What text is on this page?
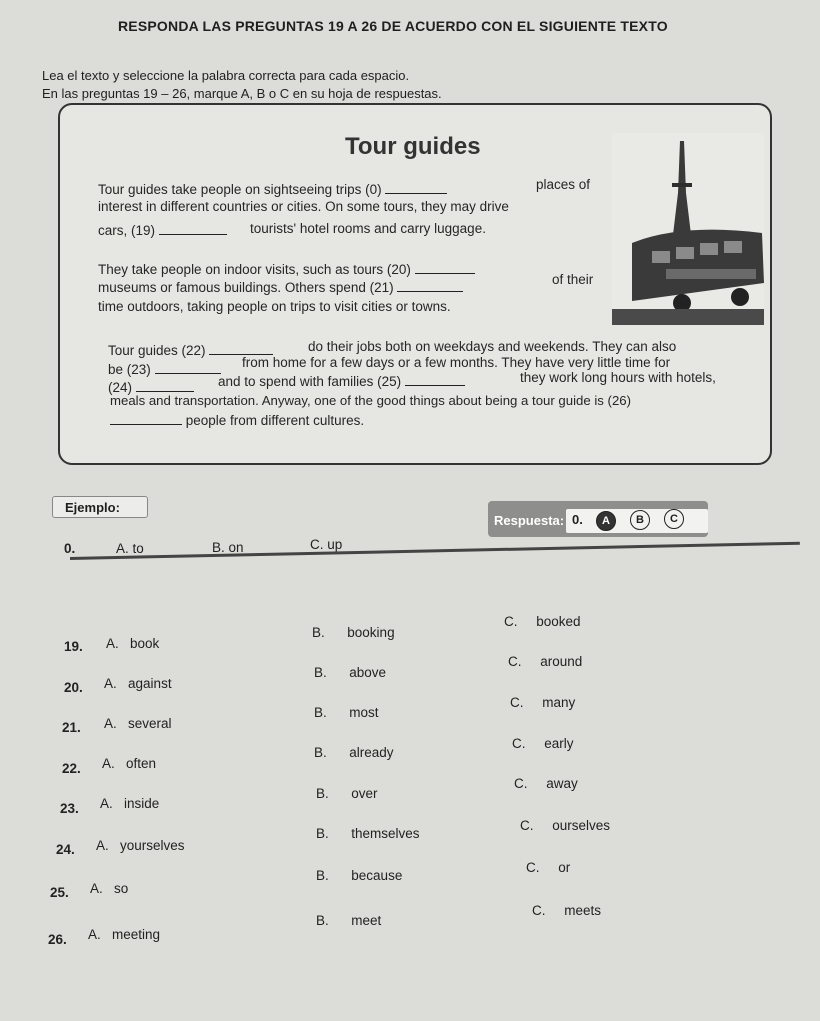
RESPONDA LAS PREGUNTAS 19 A 26 DE ACUERDO CON EL SIGUIENTE TEXTO
Lea el texto y seleccione la palabra correcta para cada espacio.
En las preguntas 19 – 26, marque A, B o C en su hoja de respuestas.
Tour guides
Tour guides take people on sightseeing trips (0)	places of
interest in different countries or cities. On some tours, they may drive
cars, (19)	tourists' hotel rooms and carry luggage.
They take people on indoor visits, such as tours (20)
museums or famous buildings. Others spend (21)
of their
time outdoors, taking people on trips to visit cities or towns.
Tour guides (22)	do their jobs both on weekdays and weekends. They can also
be (23)	from home for a few days or a few months. They have very little time for
(24)	and to spend with families (25)	they work long hours with hotels,
meals and transportation. Anyway, one of the good things about being a tour guide is (26)
people from different cultures.
Ejemplo:
0.	A. to	B. on	C. up
Respuesta: 0.	A	B	C
19. A. book
B. booking
C. booked
20. A. against
B. above
C. around
21. A. several
B. most
C. many
22. A. often
B. already
C. early
23. A. inside
B. over
C. away
24. A. yourselves
B. themselves
C. ourselves
25. A. so
B. because
C. or
26. A. meeting
B. meet
C. meets
